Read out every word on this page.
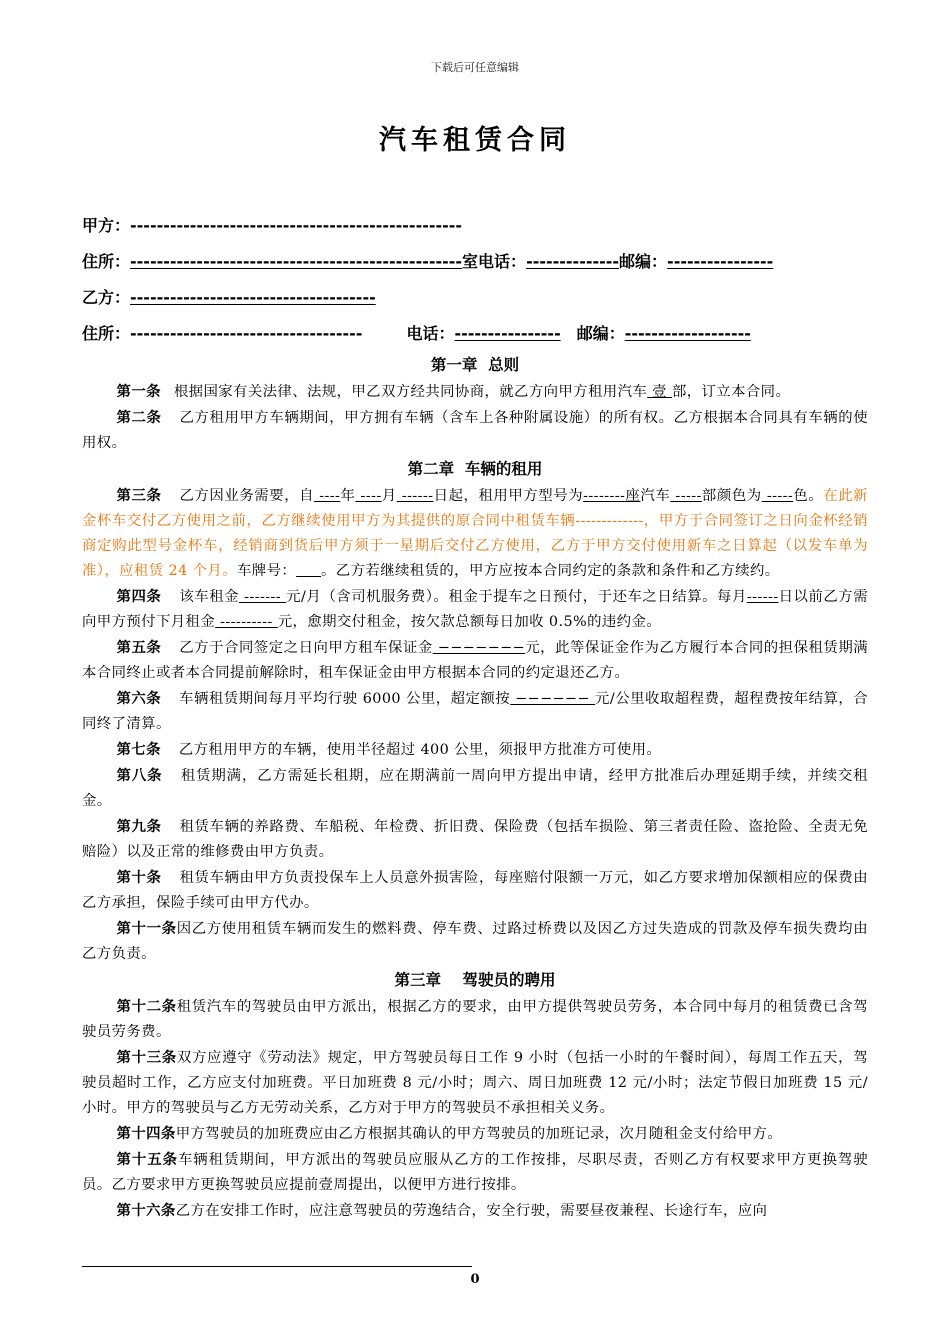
下载后可任意编辑
汽车租赁合同
甲方：--------------------------------------------------
住所：--------------------------------------------------室电话：--------------邮编：----------------
乙方：-------------------------------------
住所：-----------------------------------	电话：---------------- 邮编：-------------------
第一章  总则

第一条 根据国家有关法律、法规，甲乙双方经共同协商，就乙方向甲方租用汽车 壹 部，订立本合同。

第二条 乙方租用甲方车辆期间，甲方拥有车辆（含车上各种附属设施）的所有权。乙方根据本合同具有车辆的使用权。

第二章  车辆的租用

第三条 乙方因业务需要，自 ----年 ----月 ------日起，租用甲方型号为--------座汽车 -----部颜色为 -----色。在此新金杯车交付乙方使用之前，乙方继续使用甲方为其提供的原合同中租赁车辆-------------，甲方于合同签订之日向金杯经销商定购此型号金杯车，经销商到货后甲方须于一星期后交付乙方使用，乙方于甲方交付使用新车之日算起（以发车单为准），应租赁 24 个月。车牌号： 。乙方若继续租赁的，甲方应按本合同约定的条款和条件和乙方续约。

第四条 该车租金 ------- 元/月（含司机服务费）。租金于提车之日预付，于还车之日结算。每月------日以前乙方需向甲方预付下月租金 ---------- 元，愈期交付租金，按欠款总额每日加收 0.5%的违约金。

第五条 乙方于合同签定之日向甲方租车保证金 −−−−−−−元，此等保证金作为乙方履行本合同的担保租赁期满本合同终止或者本合同提前解除时，租车保证金由甲方根据本合同的约定退还乙方。

第六条 车辆租赁期间每月平均行驶 6000 公里，超定额按 −−−−−− 元/公里收取超程费，超程费按年结算，合同终了清算。

第七条 乙方租用甲方的车辆，使用半径超过 400 公里，须报甲方批准方可使用。

第八条 租赁期满，乙方需延长租期，应在期满前一周向甲方提出申请，经甲方批准后办理延期手续，并续交租金。

第九条 租赁车辆的养路费、车船税、年检费、折旧费、保险费（包括车损险、第三者责任险、盗抢险、全责无免赔险）以及正常的维修费由甲方负责。

第十条 租赁车辆由甲方负责投保车上人员意外损害险，每座赔付限额一万元，如乙方要求增加保额相应的保费由乙方承担，保险手续可由甲方代办。

第十一条因乙方使用租赁车辆而发生的燃料费、停车费、过路过桥费以及因乙方过失造成的罚款及停车损失费均由乙方负责。

第三章    驾驶员的聘用

第十二条租赁汽车的驾驶员由甲方派出，根据乙方的要求，由甲方提供驾驶员劳务，本合同中每月的租赁费已含驾驶员劳务费。

第十三条双方应遵守《劳动法》规定，甲方驾驶员每日工作 9 小时（包括一小时的午餐时间），每周工作五天，驾驶员超时工作，乙方应支付加班费。平日加班费 8 元/小时；周六、周日加班费 12 元/小时；法定节假日加班费 15 元/小时。甲方的驾驶员与乙方无劳动关系，乙方对于甲方的驾驶员不承担相关义务。

第十四条甲方驾驶员的加班费应由乙方根据其确认的甲方驾驶员的加班记录，次月随租金支付给甲方。

第十五条车辆租赁期间，甲方派出的驾驶员应服从乙方的工作按排，尽职尽责，否则乙方有权要求甲方更换驾驶员。乙方要求甲方更换驾驶员应提前壹周提出，以便甲方进行按排。

第十六条乙方在安排工作时，应注意驾驶员的劳逸结合，安全行驶，需要昼夜兼程、长途行车，应向

0
